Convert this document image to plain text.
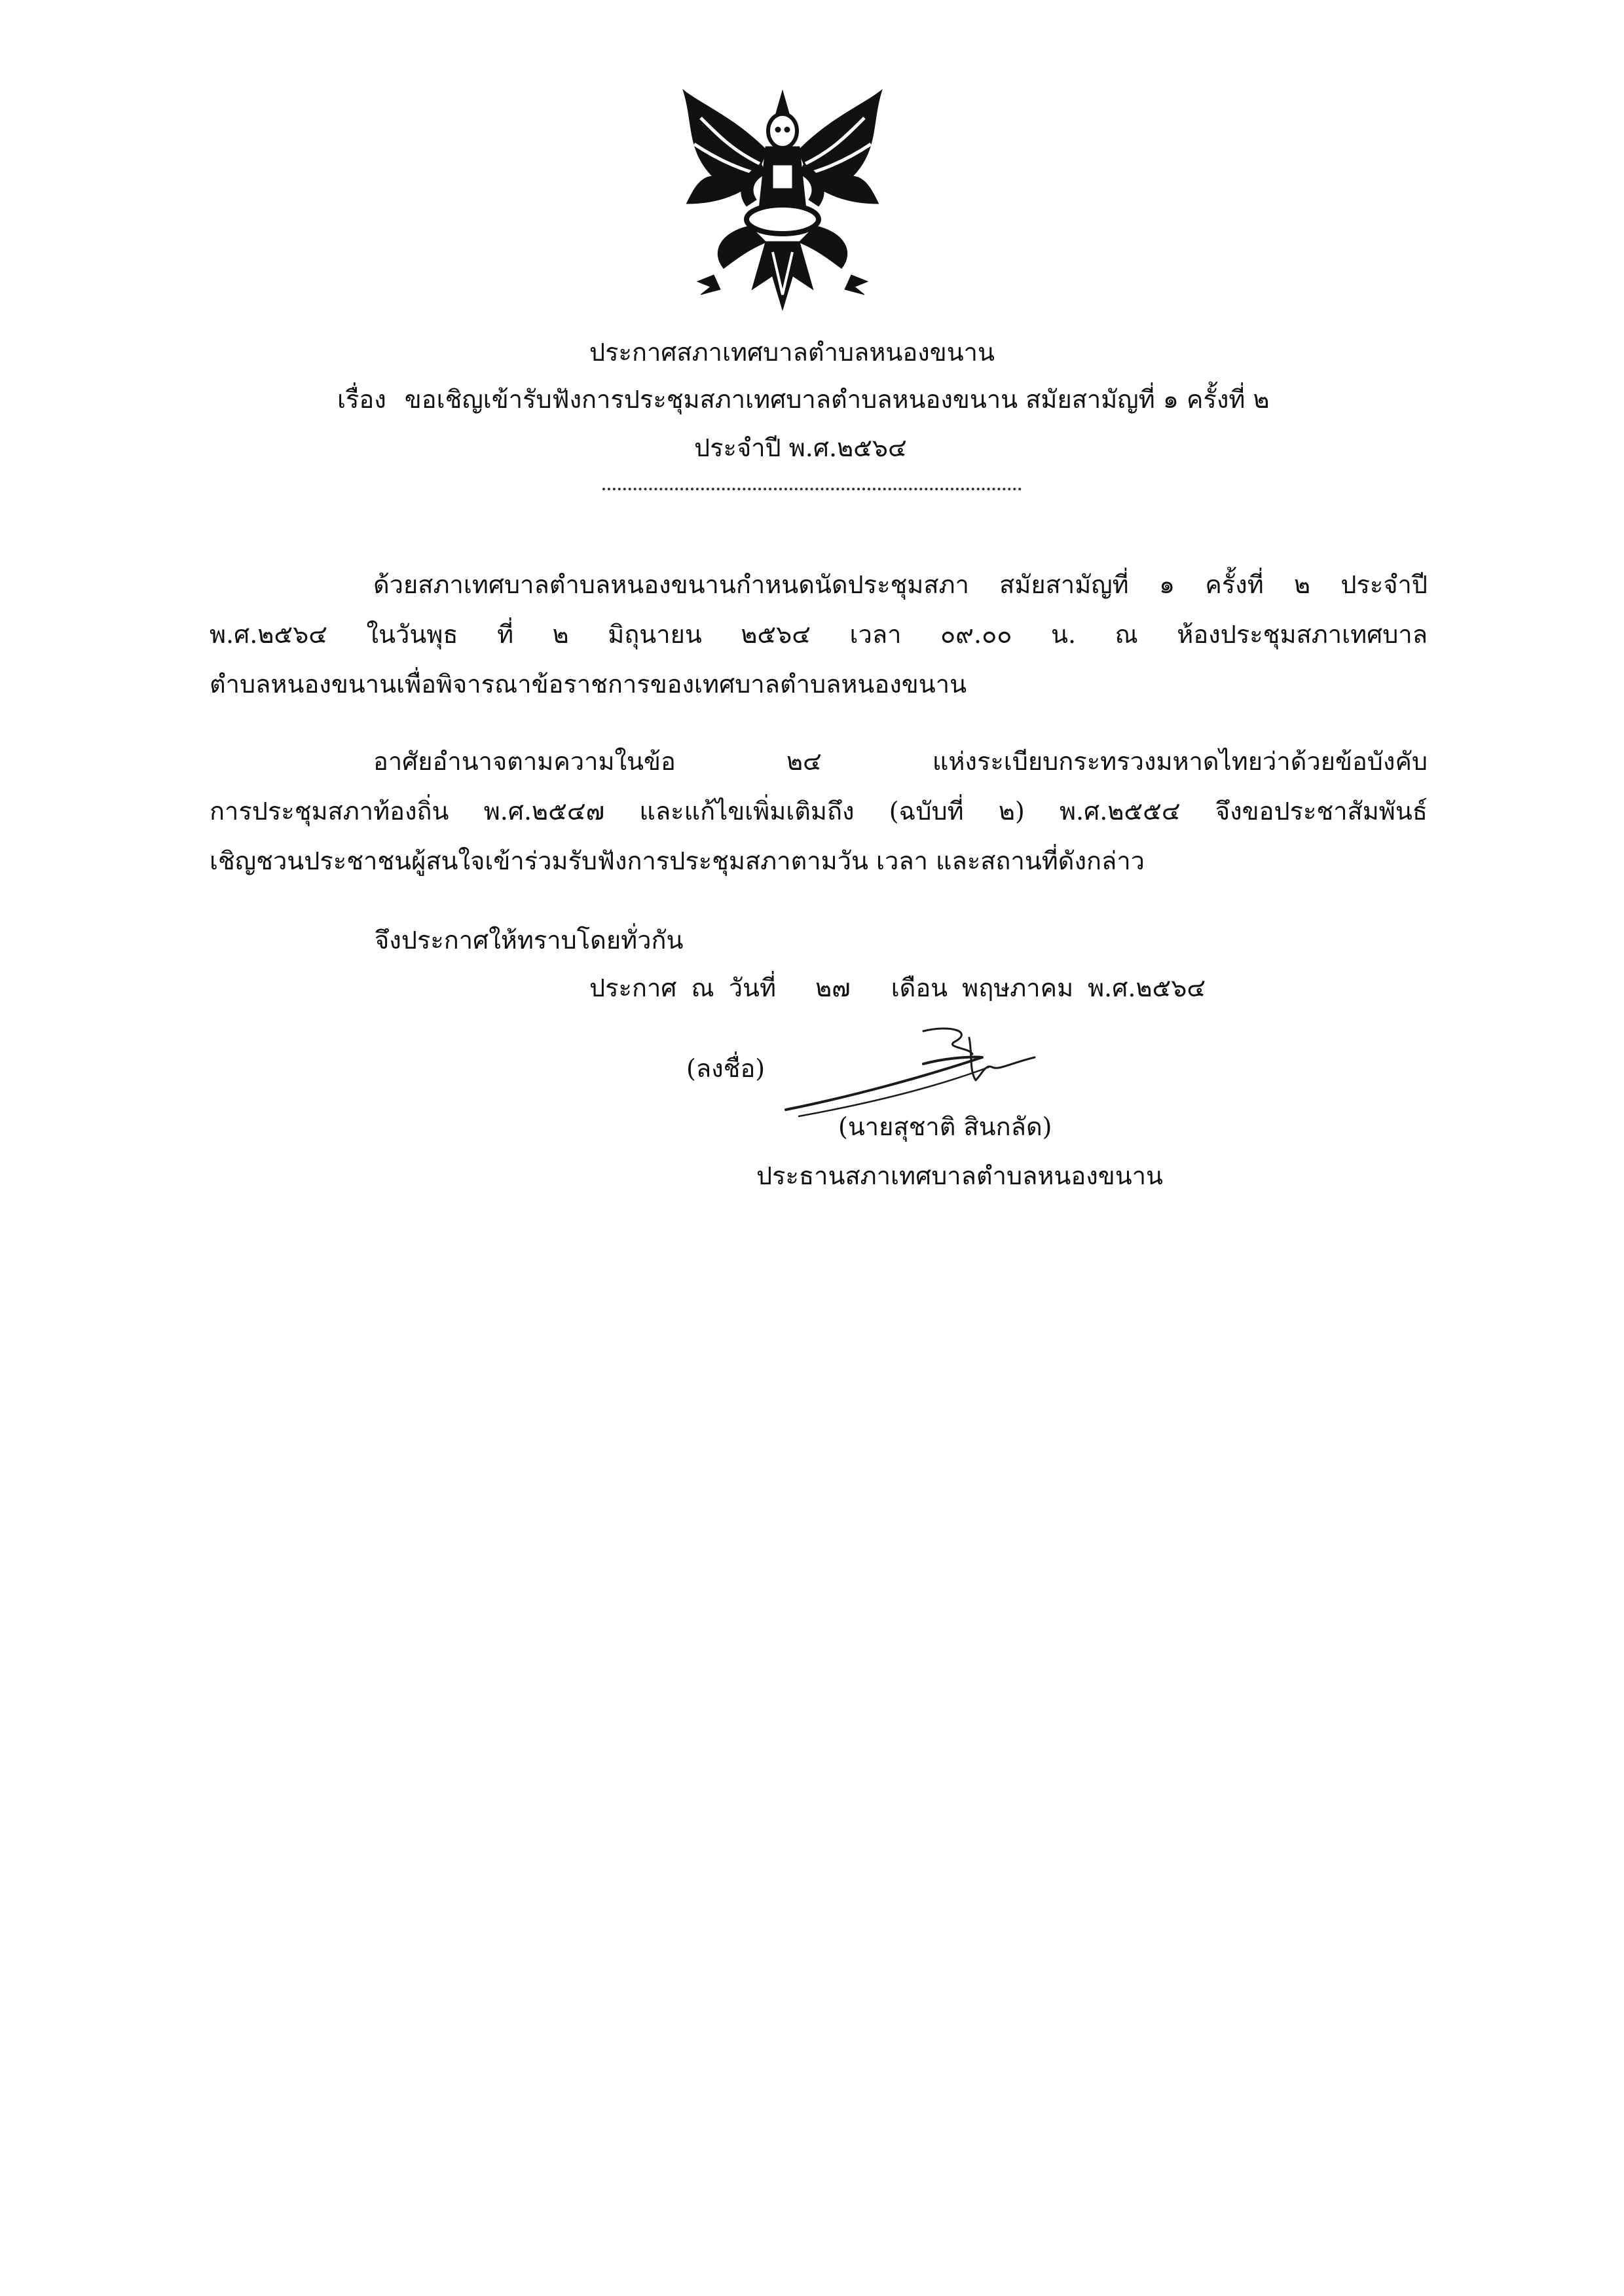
ประกาศสภาเทศบาลตำบลหนองขนาน
เรื่อง ขอเชิญเข้ารับฟังการประชุมสภาเทศบาลตำบลหนองขนาน สมัยสามัญที่ ๑ ครั้งที่ ๒
ประจำปี พ.ศ.๒๕๖๔
ด้วยสภาเทศบาลตำบลหนองขนานกำหนดนัดประชุมสภา สมัยสามัญที่ ๑ ครั้งที่ ๒ ประจำปี
พ.ศ.๒๕๖๔ ในวันพุธ ที่ ๒ มิถุนายน ๒๕๖๔ เวลา ๐๙.๐๐ น. ณ ห้องประชุมสภาเทศบาล
ตำบลหนองขนานเพื่อพิจารณาข้อราชการของเทศบาลตำบลหนองขนาน
อาศัยอำนาจตามความในข้อ ๒๔ แห่งระเบียบกระทรวงมหาดไทยว่าด้วยข้อบังคับ
การประชุมสภาท้องถิ่น พ.ศ.๒๕๔๗ และแก้ไขเพิ่มเติมถึง (ฉบับที่ ๒) พ.ศ.๒๕๕๔ จึงขอประชาสัมพันธ์
เชิญชวนประชาชนผู้สนใจเข้าร่วมรับฟังการประชุมสภาตามวัน เวลา และสถานที่ดังกล่าว
จึงประกาศให้ทราบโดยทั่วกัน
ประกาศ ณ วันที่ ๒๗ เดือน พฤษภาคม พ.ศ.๒๕๖๔
(ลงชื่อ)
(นายสุชาติ สินกลัด)
ประธานสภาเทศบาลตำบลหนองขนาน
